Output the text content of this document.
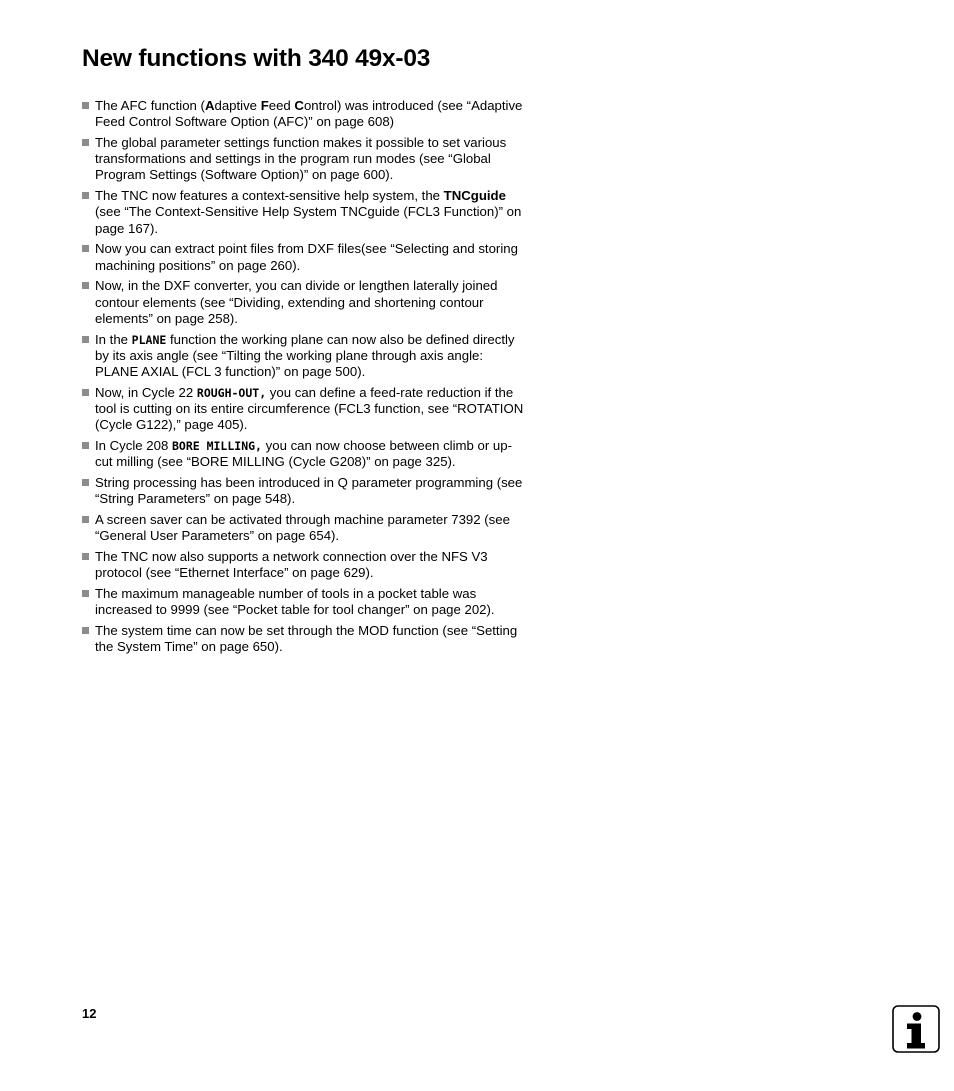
New functions with 340 49x-03
The AFC function (Adaptive Feed Control) was introduced (see “Adaptive Feed Control Software Option (AFC)” on page 608)
The global parameter settings function makes it possible to set various transformations and settings in the program run modes (see “Global Program Settings (Software Option)” on page 600).
The TNC now features a context-sensitive help system, the TNCguide (see “The Context-Sensitive Help System TNCguide (FCL3 Function)” on page 167).
Now you can extract point files from DXF files(see “Selecting and storing machining positions” on page 260).
Now, in the DXF converter, you can divide or lengthen laterally joined contour elements (see “Dividing, extending and shortening contour elements” on page 258).
In the PLANE function the working plane can now also be defined directly by its axis angle (see “Tilting the working plane through axis angle: PLANE AXIAL (FCL 3 function)” on page 500).
Now, in Cycle 22 ROUGH-OUT, you can define a feed-rate reduction if the tool is cutting on its entire circumference (FCL3 function, see “ROTATION (Cycle G122),” page 405).
In Cycle 208 BORE MILLING, you can now choose between climb or up-cut milling (see “BORE MILLING (Cycle G208)” on page 325).
String processing has been introduced in Q parameter programming (see “String Parameters” on page 548).
A screen saver can be activated through machine parameter 7392 (see “General User Parameters” on page 654).
The TNC now also supports a network connection over the NFS V3 protocol (see “Ethernet Interface” on page 629).
The maximum manageable number of tools in a pocket table was increased to 9999 (see “Pocket table for tool changer” on page 202).
The system time can now be set through the MOD function (see “Setting the System Time” on page 650).
12
